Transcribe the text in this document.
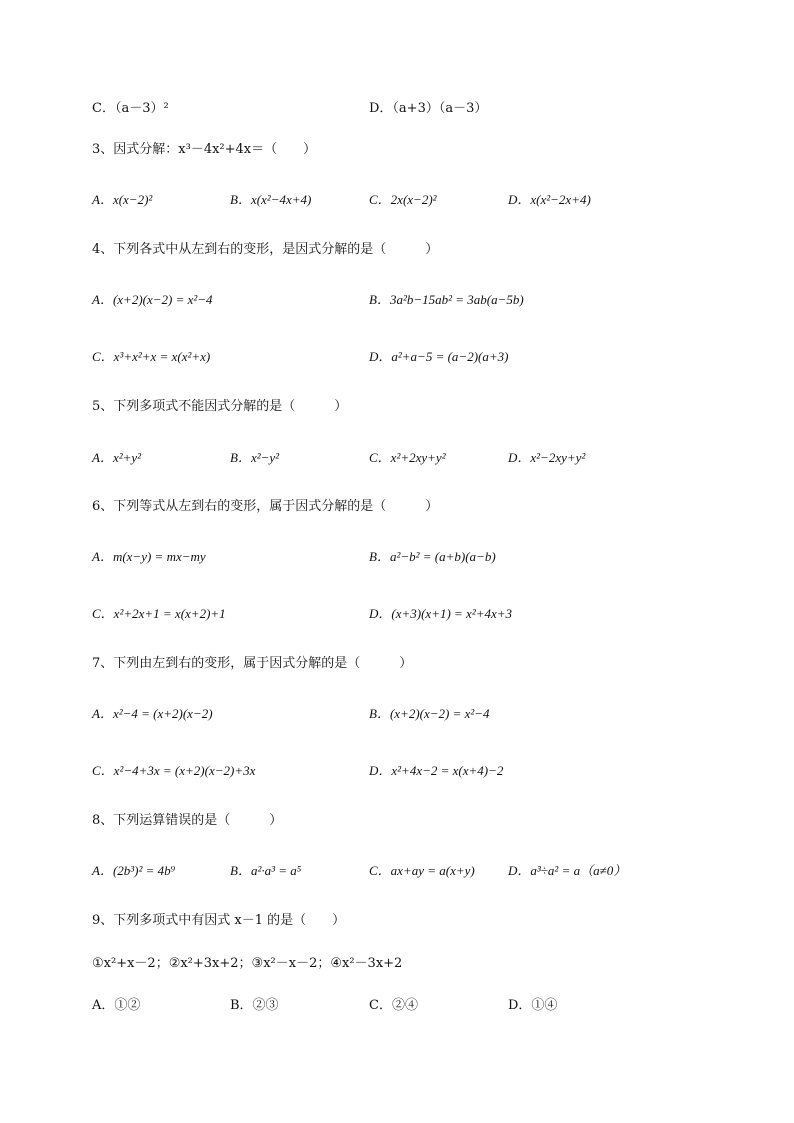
C．（a－3）²	D．（a+3）（a－3）
3、因式分解：x³－4x²+4x＝（　　）
A．x(x−2)²	B．x(x²−4x+4)	C．2x(x−2)²	D．x(x²−2x+4)
4、下列各式中从左到右的变形，是因式分解的是（　　　）
A．(x+2)(x−2) = x²−4	B．3a²b−15ab² = 3ab(a−5b)
C．x³+x²+x = x(x²+x)	D．a²+a−5 = (a−2)(a+3)
5、下列多项式不能因式分解的是（　　　）
A．x²+y²	B．x²−y²	C．x²+2xy+y²	D．x²−2xy+y²
6、下列等式从左到右的变形，属于因式分解的是（　　　）
A．m(x−y) = mx−my	B．a²−b² = (a+b)(a−b)
C．x²+2x+1 = x(x+2)+1	D．(x+3)(x+1) = x²+4x+3
7、下列由左到右的变形，属于因式分解的是（　　　）
A．x²−4 = (x+2)(x−2)	B．(x+2)(x−2) = x²−4
C．x²−4+3x = (x+2)(x−2)+3x	D．x²+4x−2 = x(x+4)−2
8、下列运算错误的是（　　　）
A．(2b³)² = 4b⁹	B．a²·a³ = a⁵	C．ax+ay = a(x+y)	D．a³÷a² = a（a≠0）
9、下列多项式中有因式 x－1 的是（　　）
①x²+x－2；②x²+3x+2；③x²－x－2；④x²－3x+2
A．①②	B．②③	C．②④	D．①④
